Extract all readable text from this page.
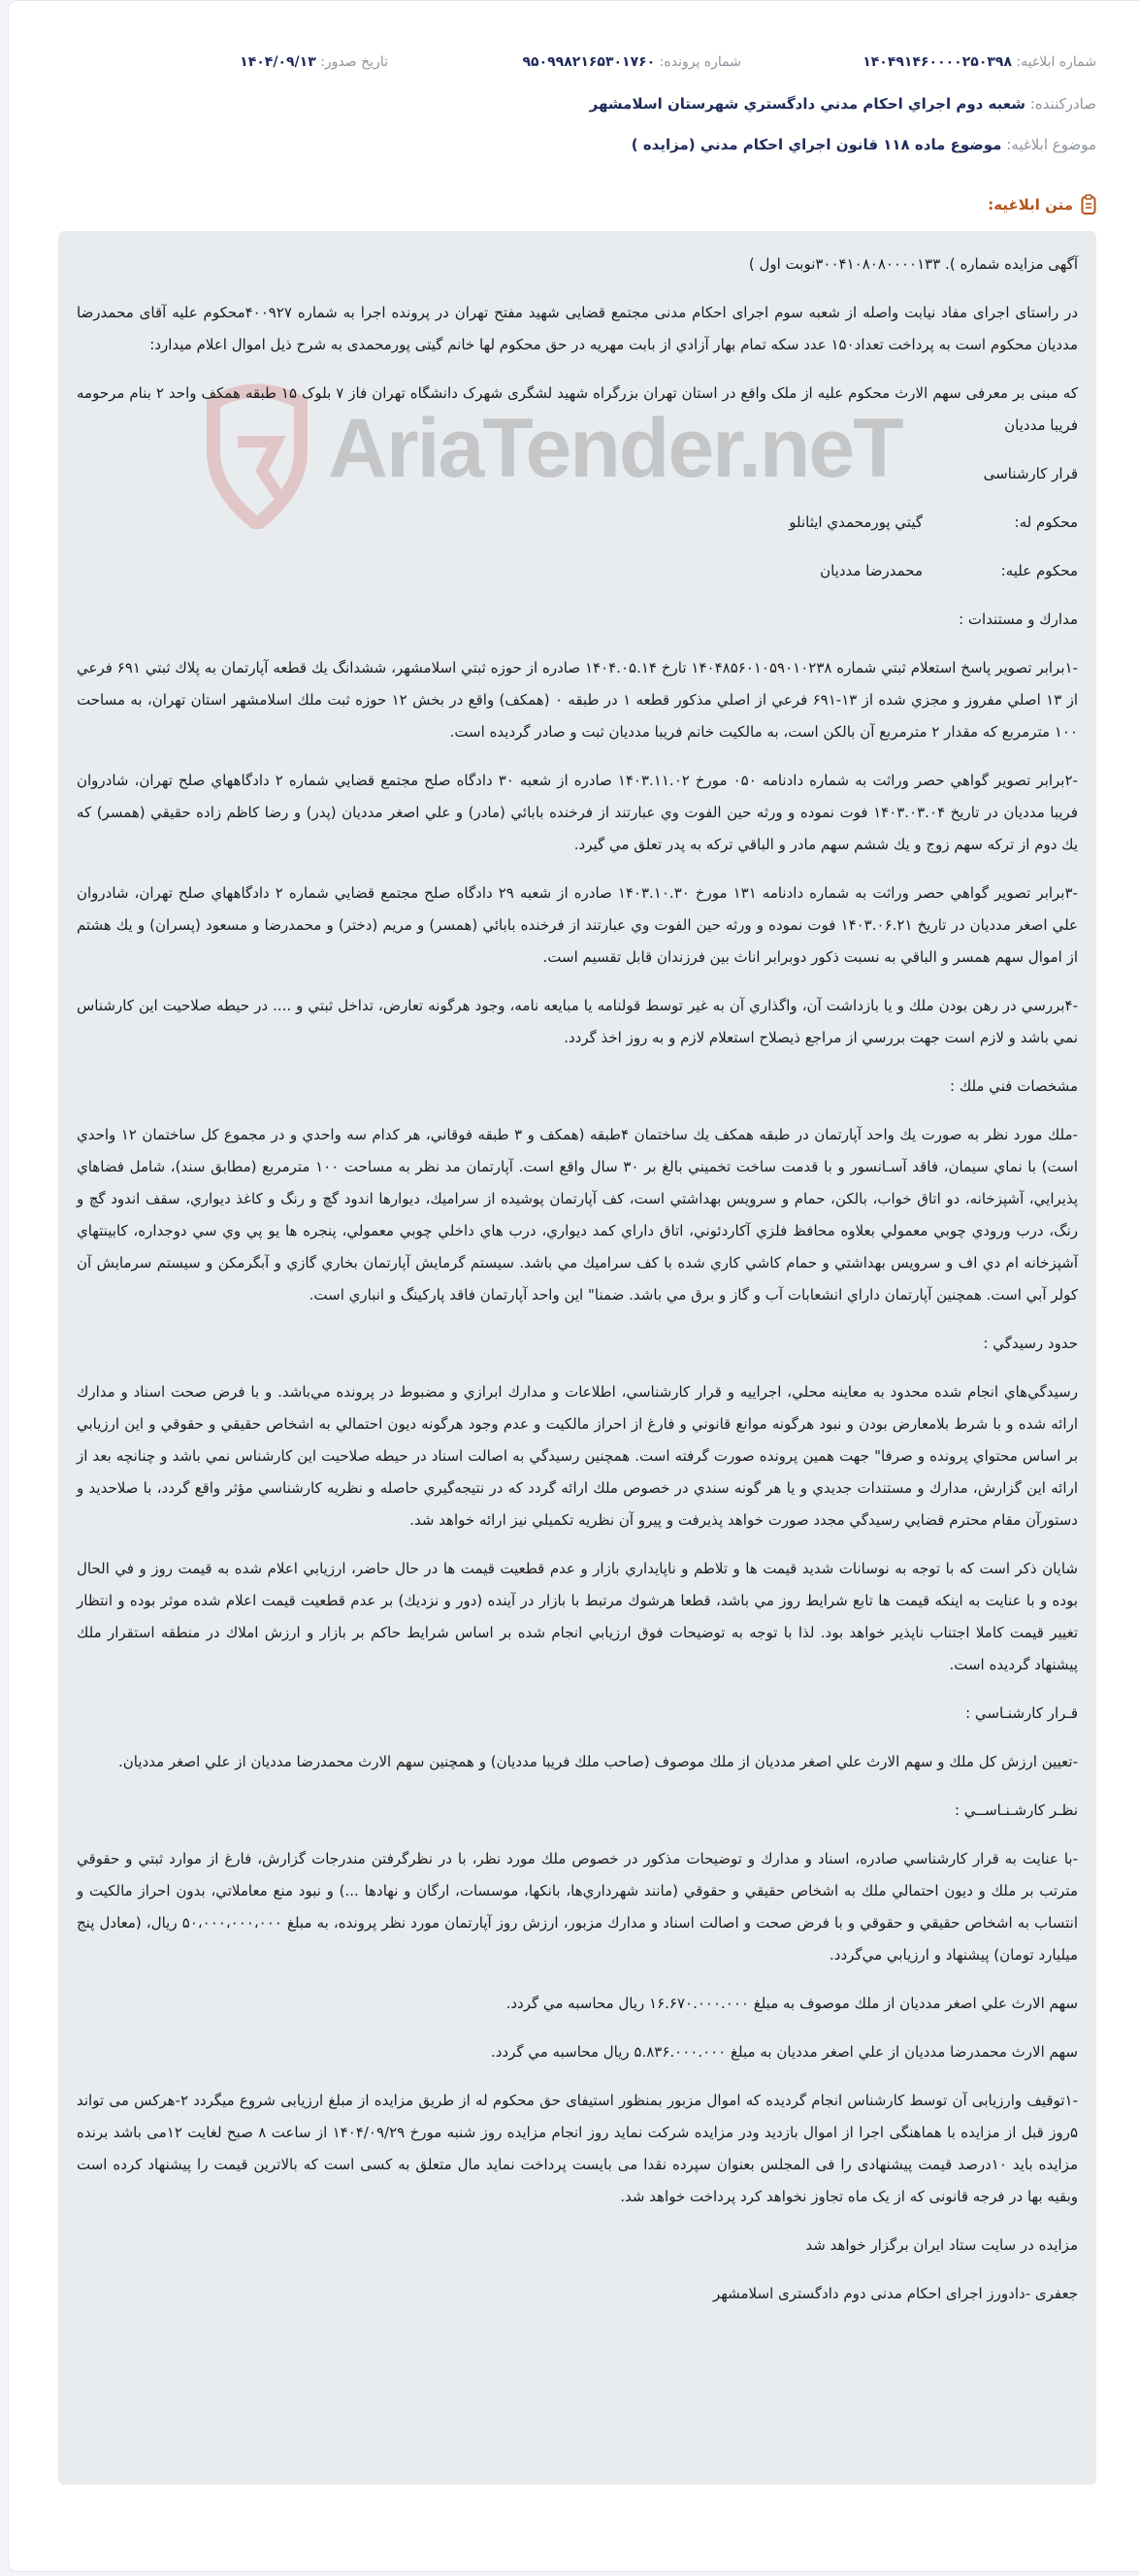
شماره ابلاغیه: ۱۴۰۴۹۱۴۶۰۰۰۰۲۵۰۳۹۸
شماره پرونده: ۹۵۰۹۹۸۲۱۶۵۳۰۱۷۶۰
تاریخ صدور: ۱۴۰۴/۰۹/۱۳
صادرکننده: شعبه دوم اجراي احكام مدني دادگستري شهرستان اسلامشهر
موضوع ابلاغیه: موضوع ماده ۱۱۸ قانون اجراي احكام مدني (مزايده )
متن ابلاغیه:
AriaTender.neT

آگهی مزایده شماره ). ۳۰۰۴۱۰۸۰۸۰۰۰۰۱۳۳نوبت اول )

در راستای اجرای مفاد نیابت واصله از شعبه سوم اجرای احکام مدنی مجتمع قضایی شهید مفتح تهران در پرونده اجرا به شماره ۴۰۰۹۲۷محکوم علیه آقای محمدرضا مدديان محکوم است به پرداخت تعداد۱۵۰ عدد سکه تمام بهار آزادي از بابت مهریه در حق محکوم لها خانم گیتی پورمحمدی به شرح ذیل اموال اعلام میدارد:

که مبنی بر معرفی سهم الارث محکوم علیه از ملک واقع در استان تهران بزرگراه شهید لشگری شهرک دانشگاه تهران فاز ۷ بلوک ۱۵ طبقه همکف واحد ۲ بنام مرحومه فریبا مدديان

قرار کارشناسی

محکوم له:
گيتي پورمحمدي ايثانلو

محکوم عليه:
محمدرضا مدديان

مدارك و مستندات :

-۱برابر تصوير پاسخ استعلام ثبتي شماره ۱۴۰۴۸۵۶۰۱۰۵۹۰۱۰۲۳۸ تارخ ۱۴۰۴.۰۵.۱۴ صادره از حوزه ثبتي اسلامشهر، ششدانگ يك قطعه آپارتمان به پلاك ثبتي ۶۹۱ فرعي از ۱۳ اصلي مفروز و مجزي شده از ۱۳-۶۹۱ فرعي از اصلي مذكور قطعه ۱ در طبقه ۰ (همكف) واقع در بخش ۱۲ حوزه ثبت ملك اسلامشهر استان تهران، به مساحت ۱۰۰ مترمربع كه مقدار ۲ مترمربع آن بالكن است، به مالكيت خانم فريبا مدديان ثبت و صادر گرديده است.

-۲برابر تصوير گواهي حصر وراثت به شماره دادنامه ۰۵۰ مورخ ۱۴۰۳.۱۱.۰۲ صادره از شعبه ۳۰ دادگاه صلح مجتمع قضايي شماره ۲ دادگاههاي صلح تهران، شادروان فريبا مدديان در تاريخ ۱۴۰۳.۰۳.۰۴ فوت نموده و ورثه حين الفوت وي عبارتند از فرخنده بابائي (مادر) و علي اصغر مدديان (پدر) و رضا كاظم زاده حقيقي (همسر) كه يك دوم از تركه سهم زوج و يك ششم سهم مادر و الباقي تركه به پدر تعلق مي گيرد.

-۳برابر تصوير گواهي حصر وراثت به شماره دادنامه ۱۳۱ مورخ ۱۴۰۳.۱۰.۳۰ صادره از شعبه ۲۹ دادگاه صلح مجتمع قضايي شماره ۲ دادگاههاي صلح تهران، شادروان علي اصغر مدديان در تاريخ ۱۴۰۳.۰۶.۲۱ فوت نموده و ورثه حين الفوت وي عبارتند از فرخنده بابائي (همسر) و مريم (دختر) و محمدرضا و مسعود (پسران) و يك هشتم از اموال سهم همسر و الباقي به نسبت ذكور دوبرابر اناث بين فرزندان قابل تقسيم است.

-۴بررسي در رهن بودن ملك و يا بازداشت آن، واگذاري آن به غير توسط قولنامه يا مبايعه نامه، وجود هرگونه تعارض، تداخل ثبتي و .... در حيطه صلاحيت اين كارشناس نمي باشد و لازم است جهت بررسي از مراجع ذيصلاح استعلام لازم و به روز اخذ گردد.

مشخصات فني ملك :

-ملك مورد نظر به صورت يك واحد آپارتمان در طبقه همكف يك ساختمان ۴طبقه (همكف و ۳ طبقه فوقاني، هر كدام سه واحدي و در مجموع كل ساختمان ۱۲ واحدي است) با نماي سيمان، فاقد آسـانسور و با قدمت ساخت تخميني بالغ بر ۳۰ سال واقع است. آپارتمان مد نظر به مساحت ۱۰۰ مترمربع (مطابق سند)، شامل فضاهاي پذيرايي، آشپزخانه، دو اتاق خواب، بالكن، حمام و سرويس بهداشتي است، كف آپارتمان پوشيده از سراميك، ديوارها اندود گچ و رنگ و كاغذ ديواري، سقف اندود گچ و رنگ، درب ورودي چوبي معمولي بعلاوه محافظ فلزي آكاردئوني، اتاق داراي كمد ديواري، درب هاي داخلي چوبي معمولي، پنجره ها يو پي وي سي دوجداره، كابينتهاي آشپزخانه ام دي اف و سرويس بهداشتي و حمام كاشي كاري شده با كف سراميك مي باشد. سيستم گرمايش آپارتمان بخاري گازي و آبگرمكن و سيستم سرمايش آن كولر آبي است. همچنين آپارتمان داراي انشعابات آب و گاز و برق مي باشد. ضمنا" اين واحد آپارتمان فاقد پاركينگ و انباري است.

حدود رسيدگي :

رسيدگي‌هاي انجام شده محدود به معاينه محلي، اجراييه و قرار كارشناسي، اطلاعات و مدارك ابرازي و مضبوط در پرونده مي‌باشد. و با فرض صحت اسناد و مدارك ارائه شده و با شرط بلامعارض بودن و نبود هرگونه موانع قانوني و فارغ از احراز مالكيت و عدم وجود هرگونه ديون احتمالي به اشخاص حقيقي و حقوقي و اين ارزيابي بر اساس محتواي پرونده و صرفا" جهت همين پرونده صورت گرفته است. همچنين رسيدگي به اصالت اسناد در حيطه صلاحيت اين كارشناس نمي باشد و چنانچه بعد از ارائه اين گزارش، مدارك و مستندات جديدي و يا هر گونه سندي در خصوص ملك ارائه گردد كه در نتيجه‌گيري حاصله و نظريه كارشناسي مؤثر واقع گردد، با صلاحديد و دستورآن مقام محترم قضايي رسيدگي مجدد صورت خواهد پذيرفت و پيرو آن نظريه تكميلي نيز ارائه خواهد شد.

شايان ذكر است كه با توجه به نوسانات شديد قيمت ها و تلاطم و ناپايداري بازار و عدم قطعيت قيمت ها در حال حاضر، ارزيابي اعلام شده به قيمت روز و في الحال بوده و با عنايت به اينكه قيمت ها تابع شرايط روز مي باشد، قطعا هرشوك مرتبط با بازار در آينده (دور و نزديك) بر عدم قطعيت قيمت اعلام شده موثر بوده و انتظار تغيير قيمت كاملا اجتناب ناپذير خواهد بود. لذا با توجه به توضيحات فوق ارزيابي انجام شده بر اساس شرايط حاكم بر بازار و ارزش املاك در منطقه استقرار ملك پيشنهاد گرديده است.

قـرار كارشنـاسي :

-تعيين ارزش كل ملك و سهم الارث علي اصغر مدديان از ملك موصوف (صاحب ملك فريبا مدديان) و همچنين سهم الارث محمدرضا مدديان از علي اصغر مدديان.

نظـر كارشـنـاســي :

-با عنايت به قرار كارشناسي صادره، اسناد و مدارك و توضيحات مذكور در خصوص ملك مورد نظر، با در نظرگرفتن مندرجات گزارش، فارغ از موارد ثبتي و حقوقي مترتب بر ملك و ديون احتمالي ملك به اشخاص حقيقي و حقوقي (مانند شهرداري‌ها، بانكها، موسسات، ارگان و نهادها ...) و نبود منع معاملاتي، بدون احراز مالكيت و انتساب به اشخاص حقيقي و حقوقي و با فرض صحت و اصالت اسناد و مدارك مزبور، ارزش روز آپارتمان مورد نظر پرونده، به مبلغ ۵۰،۰۰۰،۰۰۰،۰۰۰ ريال، (معادل پنج ميليارد تومان) پيشنهاد و ارزيابي مي‌گردد.

سهم الارث علي اصغر مدديان از ملك موصوف به مبلغ ۱۶.۶۷۰.۰۰۰.۰۰۰ ريال محاسبه مي گردد.

سهم الارث محمدرضا مدديان از علي اصغر مدديان به مبلغ ۵.۸۳۶.۰۰۰.۰۰۰ ريال محاسبه مي گردد.

-۱توقیف وارزیابی آن توسط کارشناس انجام گردیده که اموال مزبور بمنظور استیفای حق محکوم له از طریق مزایده از مبلغ ارزیابی شروع میگردد ۲-هرکس می تواند ۵روز قبل از مزایده با هماهنگی اجرا از اموال بازدید ودر مزایده شرکت نماید روز انجام مزایده روز شنبه مورخ ۱۴۰۴/۰۹/۲۹ از ساعت ۸ صبح لغایت ۱۲می باشد برنده مزایده باید ۱۰درصد قیمت پیشنهادی را فی المجلس بعنوان سپرده نقدا می بایست پرداخت نماید مال متعلق به کسی است که بالاترین قیمت را پیشنهاد کرده است وبقیه بها در فرجه قانونی که از یک ماه تجاوز نخواهد کرد پرداخت خواهد شد.

مزایده در سایت ستاد ایران برگزار خواهد شد

جعفری -دادورز اجرای احکام مدنی دوم دادگستری اسلامشهر
